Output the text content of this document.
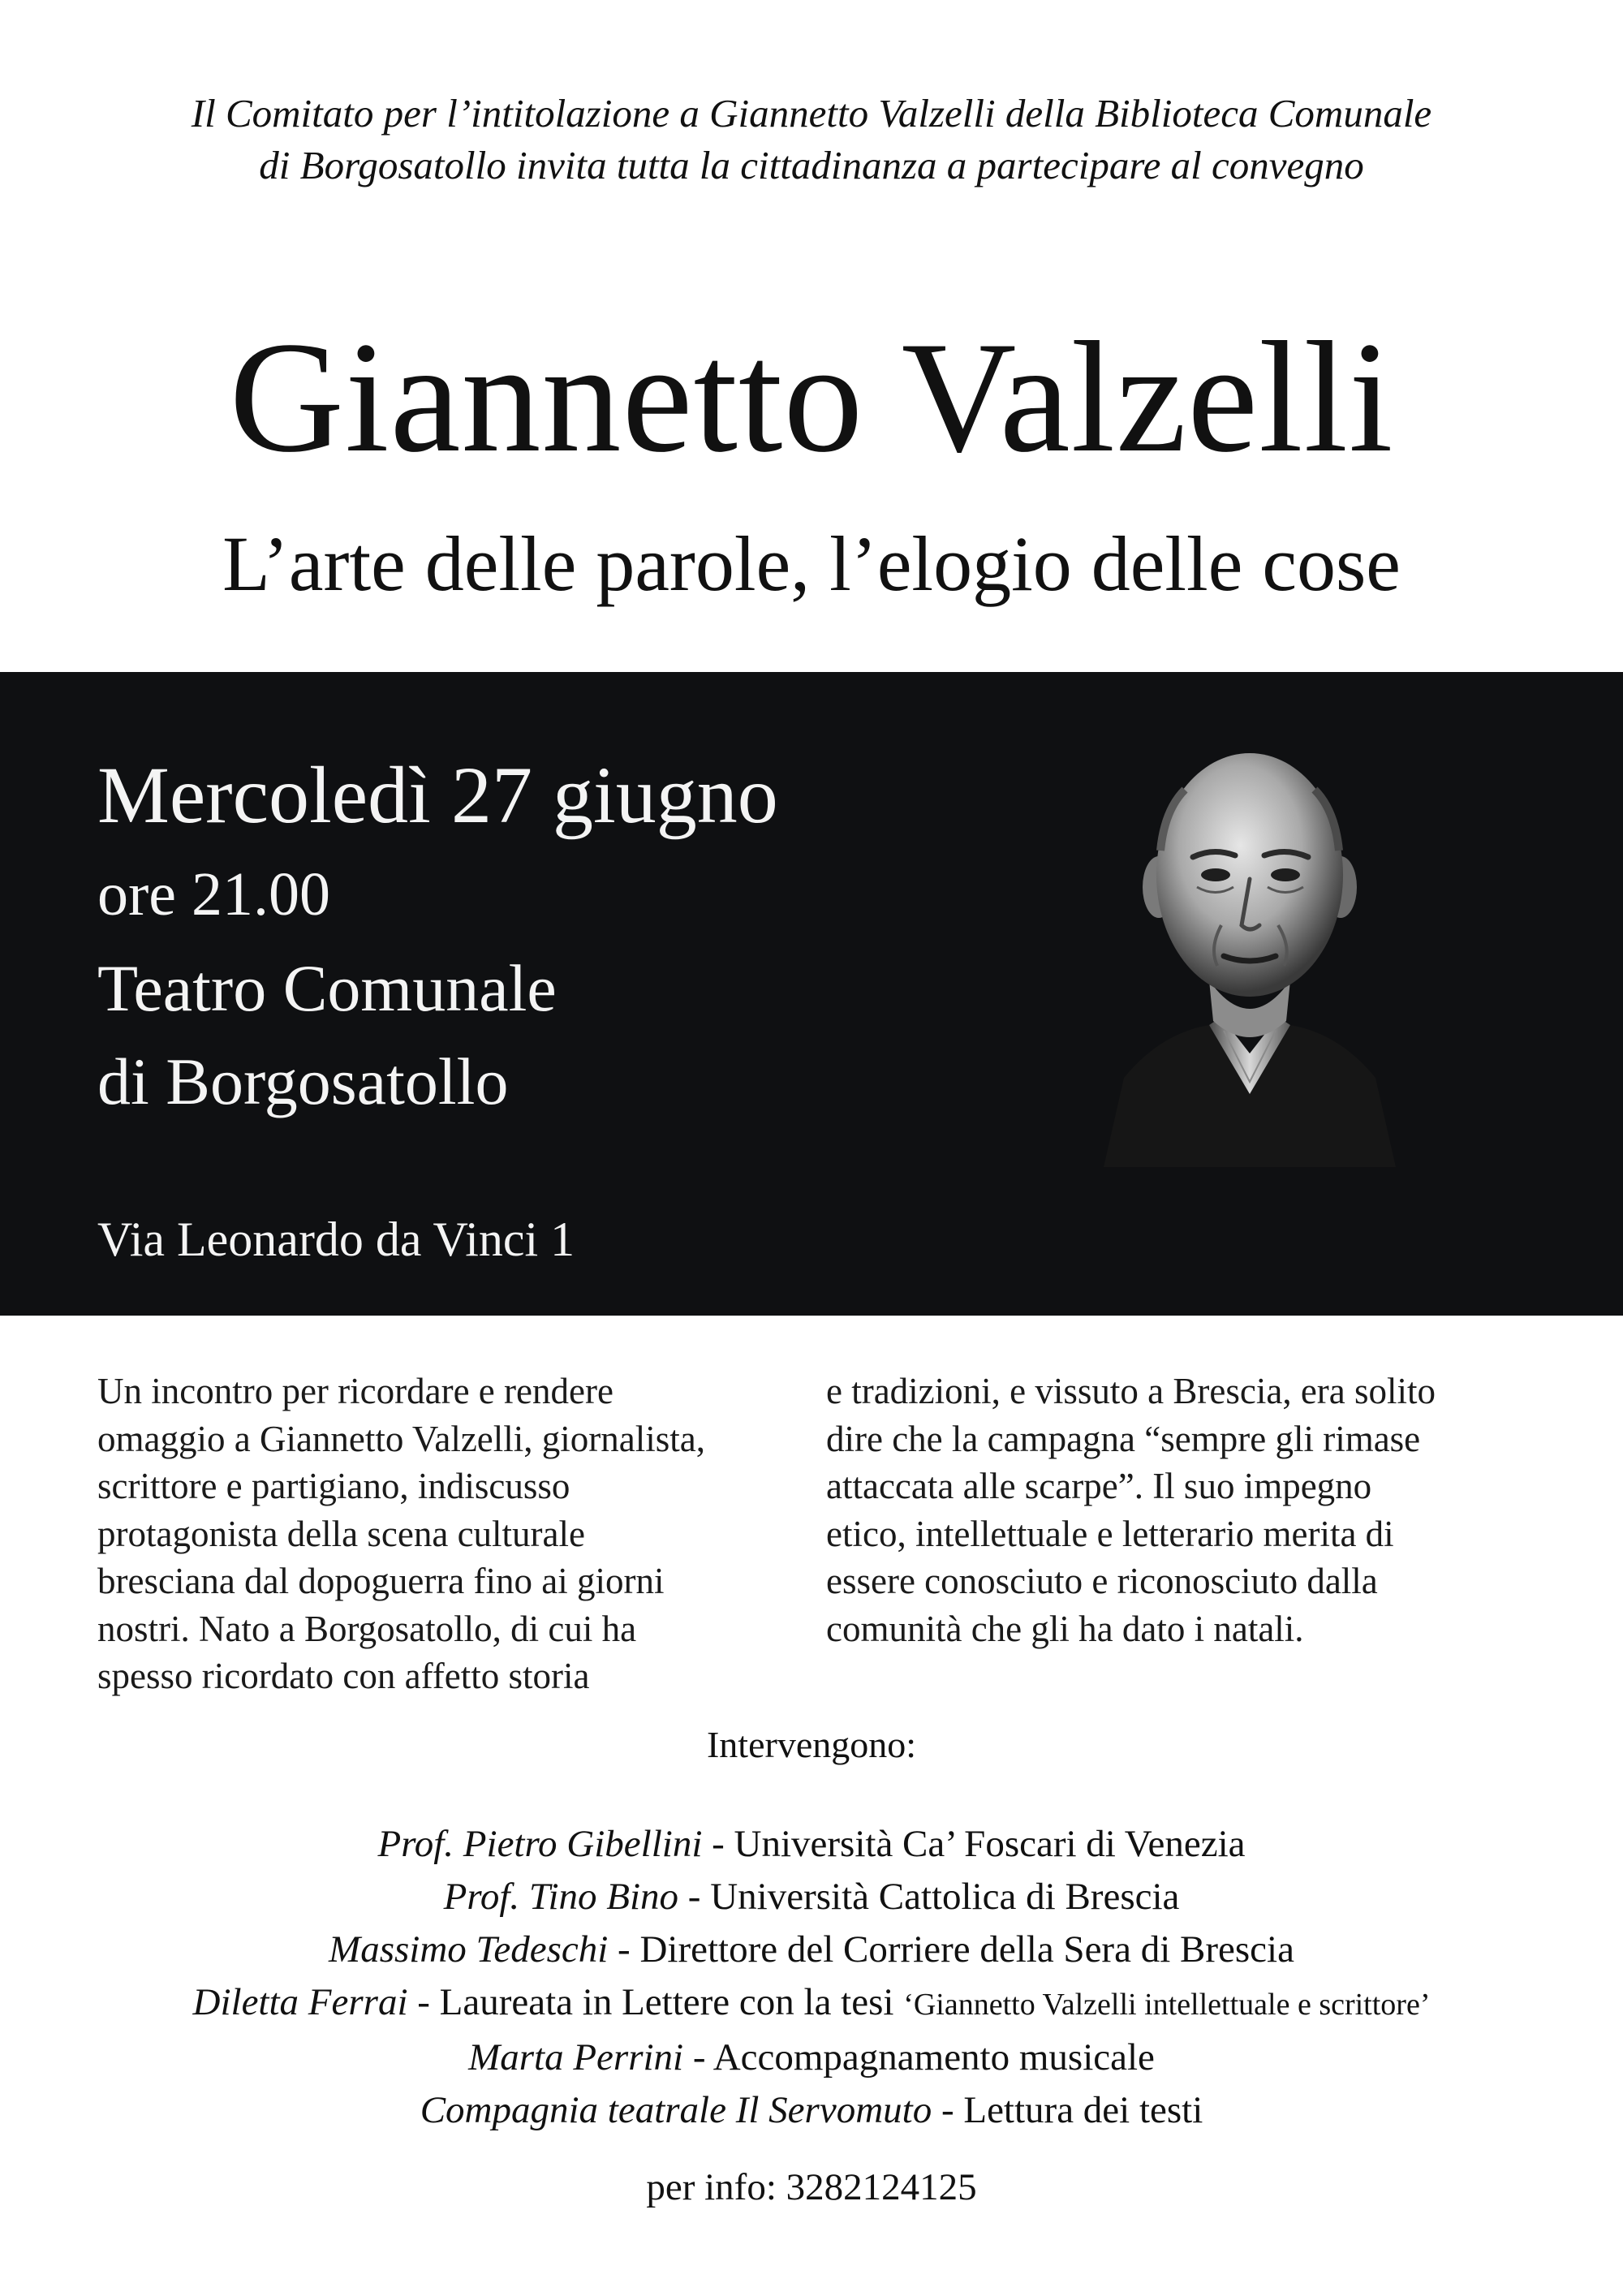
Il Comitato per l’intitolazione a Giannetto Valzelli della Biblioteca Comunale
di Borgosatollo invita tutta la cittadinanza a partecipare al convegno
Giannetto Valzelli
L’arte delle parole, l’elogio delle cose
Mercoledì 27 giugno
ore 21.00
Teatro Comunale
di Borgosatollo
Via Leonardo da Vinci 1
Un incontro per ricordare e rendere
omaggio a Giannetto Valzelli, giornalista,
scrittore e partigiano, indiscusso
protagonista della scena culturale
bresciana dal dopoguerra fino ai giorni
nostri. Nato a Borgosatollo, di cui ha
spesso ricordato con affetto storia
e tradizioni, e vissuto a Brescia, era solito
dire che la campagna “sempre gli rimase
attaccata alle scarpe”. Il suo impegno
etico, intellettuale e letterario merita di
essere conosciuto e riconosciuto dalla
comunità che gli ha dato i natali.
Intervengono:
Prof. Pietro Gibellini - Università Ca’ Foscari di Venezia
Prof. Tino Bino - Università Cattolica di Brescia
Massimo Tedeschi - Direttore del Corriere della Sera di Brescia
Diletta Ferrai - Laureata in Lettere con la tesi ‘Giannetto Valzelli intellettuale e scrittore’
Marta Perrini - Accompagnamento musicale
Compagnia teatrale Il Servomuto - Lettura dei testi
per info: 3282124125
